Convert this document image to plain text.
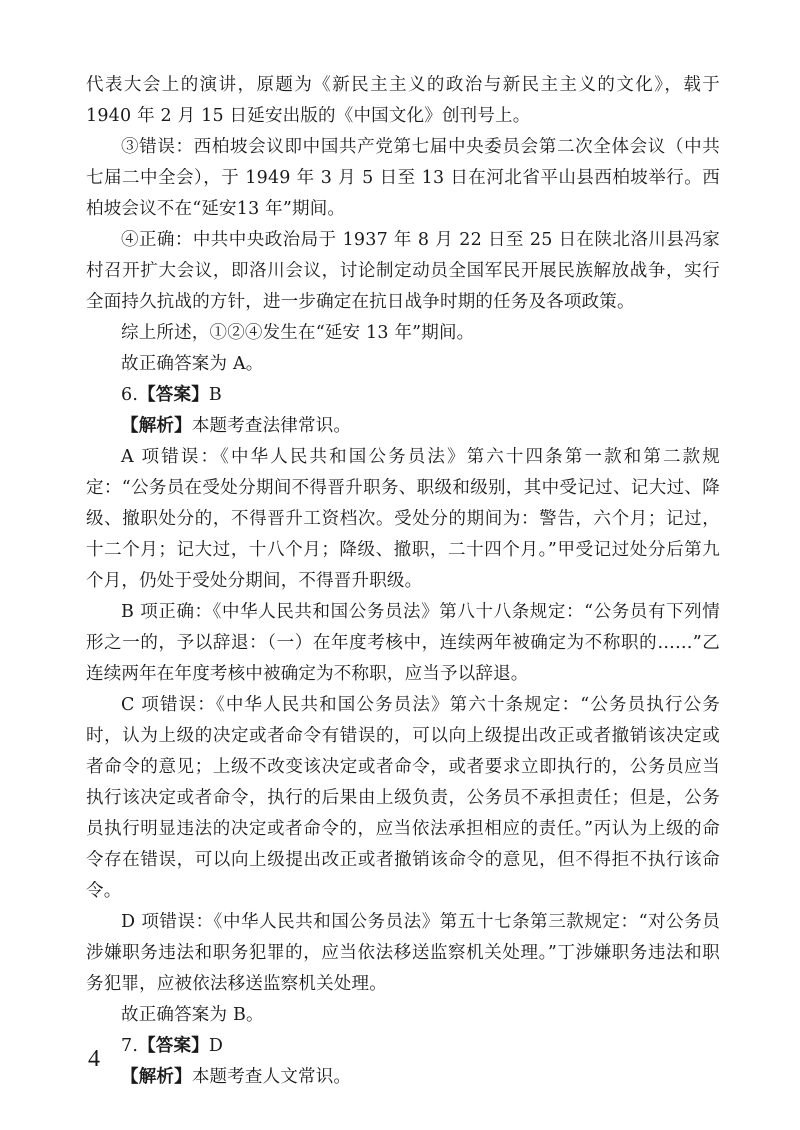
代表大会上的演讲，原题为《新民主主义的政治与新民主主义的文化》，载于 1940 年 2 月 15 日延安出版的《中国文化》创刊号上。

③错误：西柏坡会议即中国共产党第七届中央委员会第二次全体会议（中共七届二中全会），于 1949 年 3 月 5 日至 13 日在河北省平山县西柏坡举行。西柏坡会议不在“延安13 年”期间。

④正确：中共中央政治局于 1937 年 8 月 22 日至 25 日在陕北洛川县冯家村召开扩大会议，即洛川会议，讨论制定动员全国军民开展民族解放战争，实行全面持久抗战的方针，进一步确定在抗日战争时期的任务及各项政策。

综上所述，①②④发生在“延安 13 年”期间。

故正确答案为 A。

6.【答案】B

【解析】本题考查法律常识。

A 项错误：《中华人民共和国公务员法》第六十四条第一款和第二款规定：“公务员在受处分期间不得晋升职务、职级和级别，其中受记过、记大过、降级、撤职处分的，不得晋升工资档次。受处分的期间为：警告，六个月；记过，十二个月；记大过，十八个月；降级、撤职，二十四个月。”甲受记过处分后第九个月，仍处于受处分期间，不得晋升职级。

B 项正确：《中华人民共和国公务员法》第八十八条规定：“公务员有下列情形之一的，予以辞退：（一）在年度考核中，连续两年被确定为不称职的……”乙连续两年在年度考核中被确定为不称职，应当予以辞退。

C 项错误：《中华人民共和国公务员法》第六十条规定：“公务员执行公务时，认为上级的决定或者命令有错误的，可以向上级提出改正或者撤销该决定或者命令的意见；上级不改变该决定或者命令，或者要求立即执行的，公务员应当执行该决定或者命令，执行的后果由上级负责，公务员不承担责任；但是，公务员执行明显违法的决定或者命令的，应当依法承担相应的责任。”丙认为上级的命令存在错误，可以向上级提出改正或者撤销该命令的意见，但不得拒不执行该命令。

D 项错误：《中华人民共和国公务员法》第五十七条第三款规定：“对公务员涉嫌职务违法和职务犯罪的，应当依法移送监察机关处理。”丁涉嫌职务违法和职务犯罪，应被依法移送监察机关处理。

故正确答案为 B。

7.【答案】D

【解析】本题考查人文常识。

4
